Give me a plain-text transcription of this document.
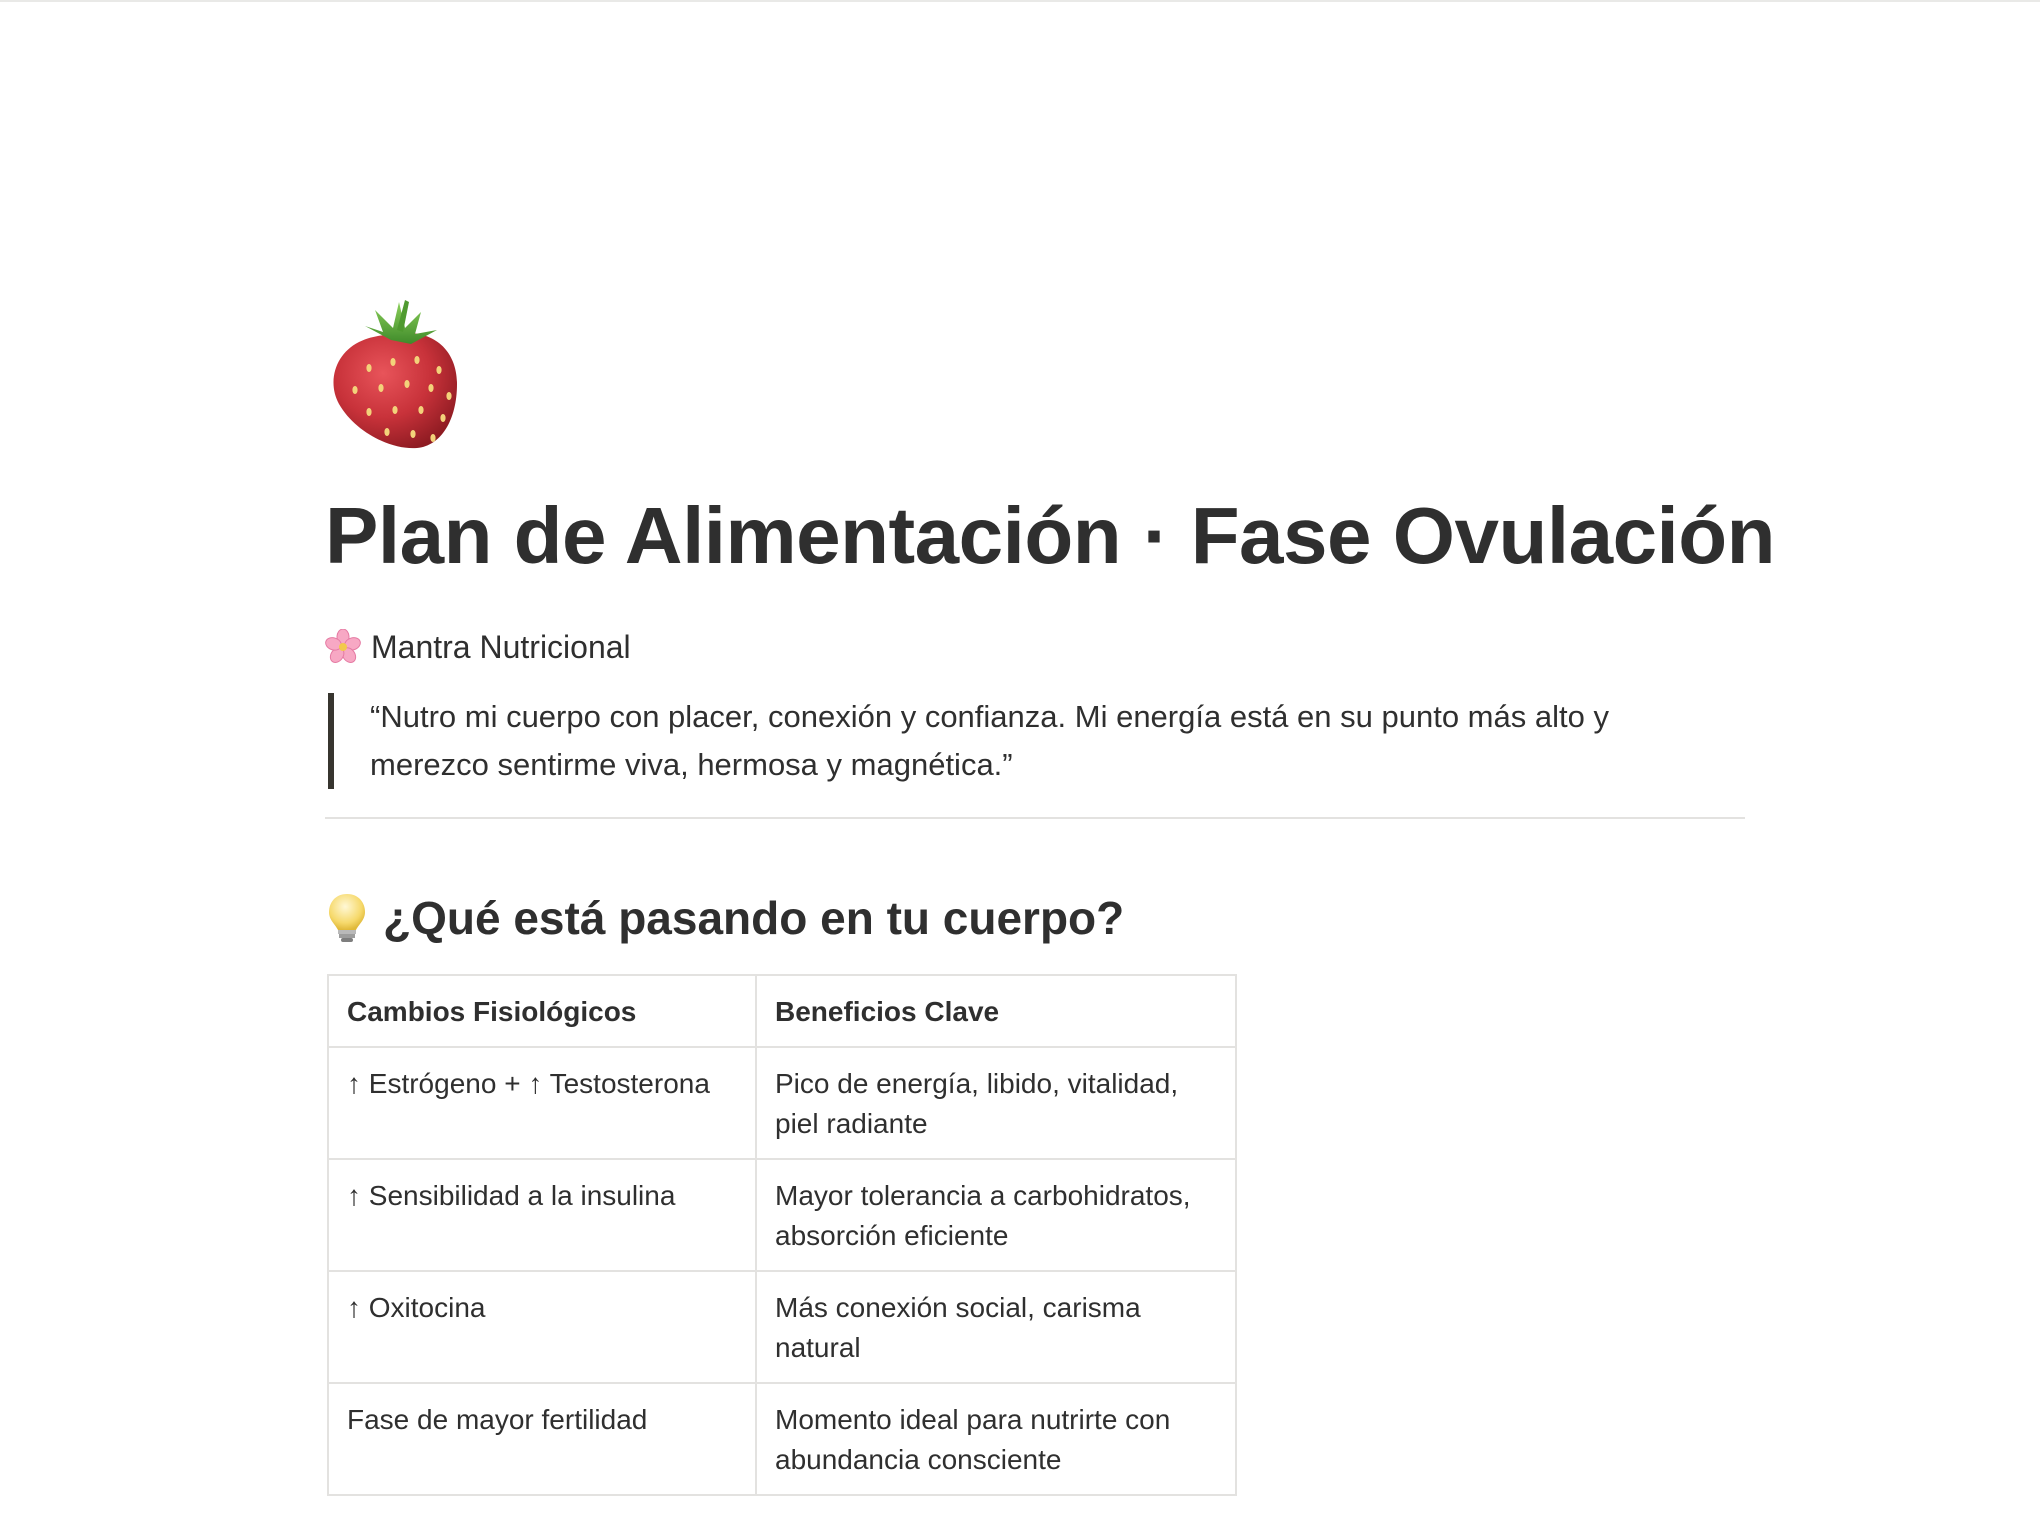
Plan de Alimentación · Fase Ovulación
Mantra Nutricional
“Nutro mi cuerpo con placer, conexión y confianza. Mi energía está en su punto más alto y merezco sentirme viva, hermosa y magnética.”
¿Qué está pasando en tu cuerpo?
Cambios Fisiológicos	Beneficios Clave
↑ Estrógeno + ↑ Testosterona	Pico de energía, libido, vitalidad, piel radiante
↑ Sensibilidad a la insulina	Mayor tolerancia a carbohidratos, absorción eficiente
↑ Oxitocina	Más conexión social, carisma natural
Fase de mayor fertilidad	Momento ideal para nutrirte con abundancia consciente
